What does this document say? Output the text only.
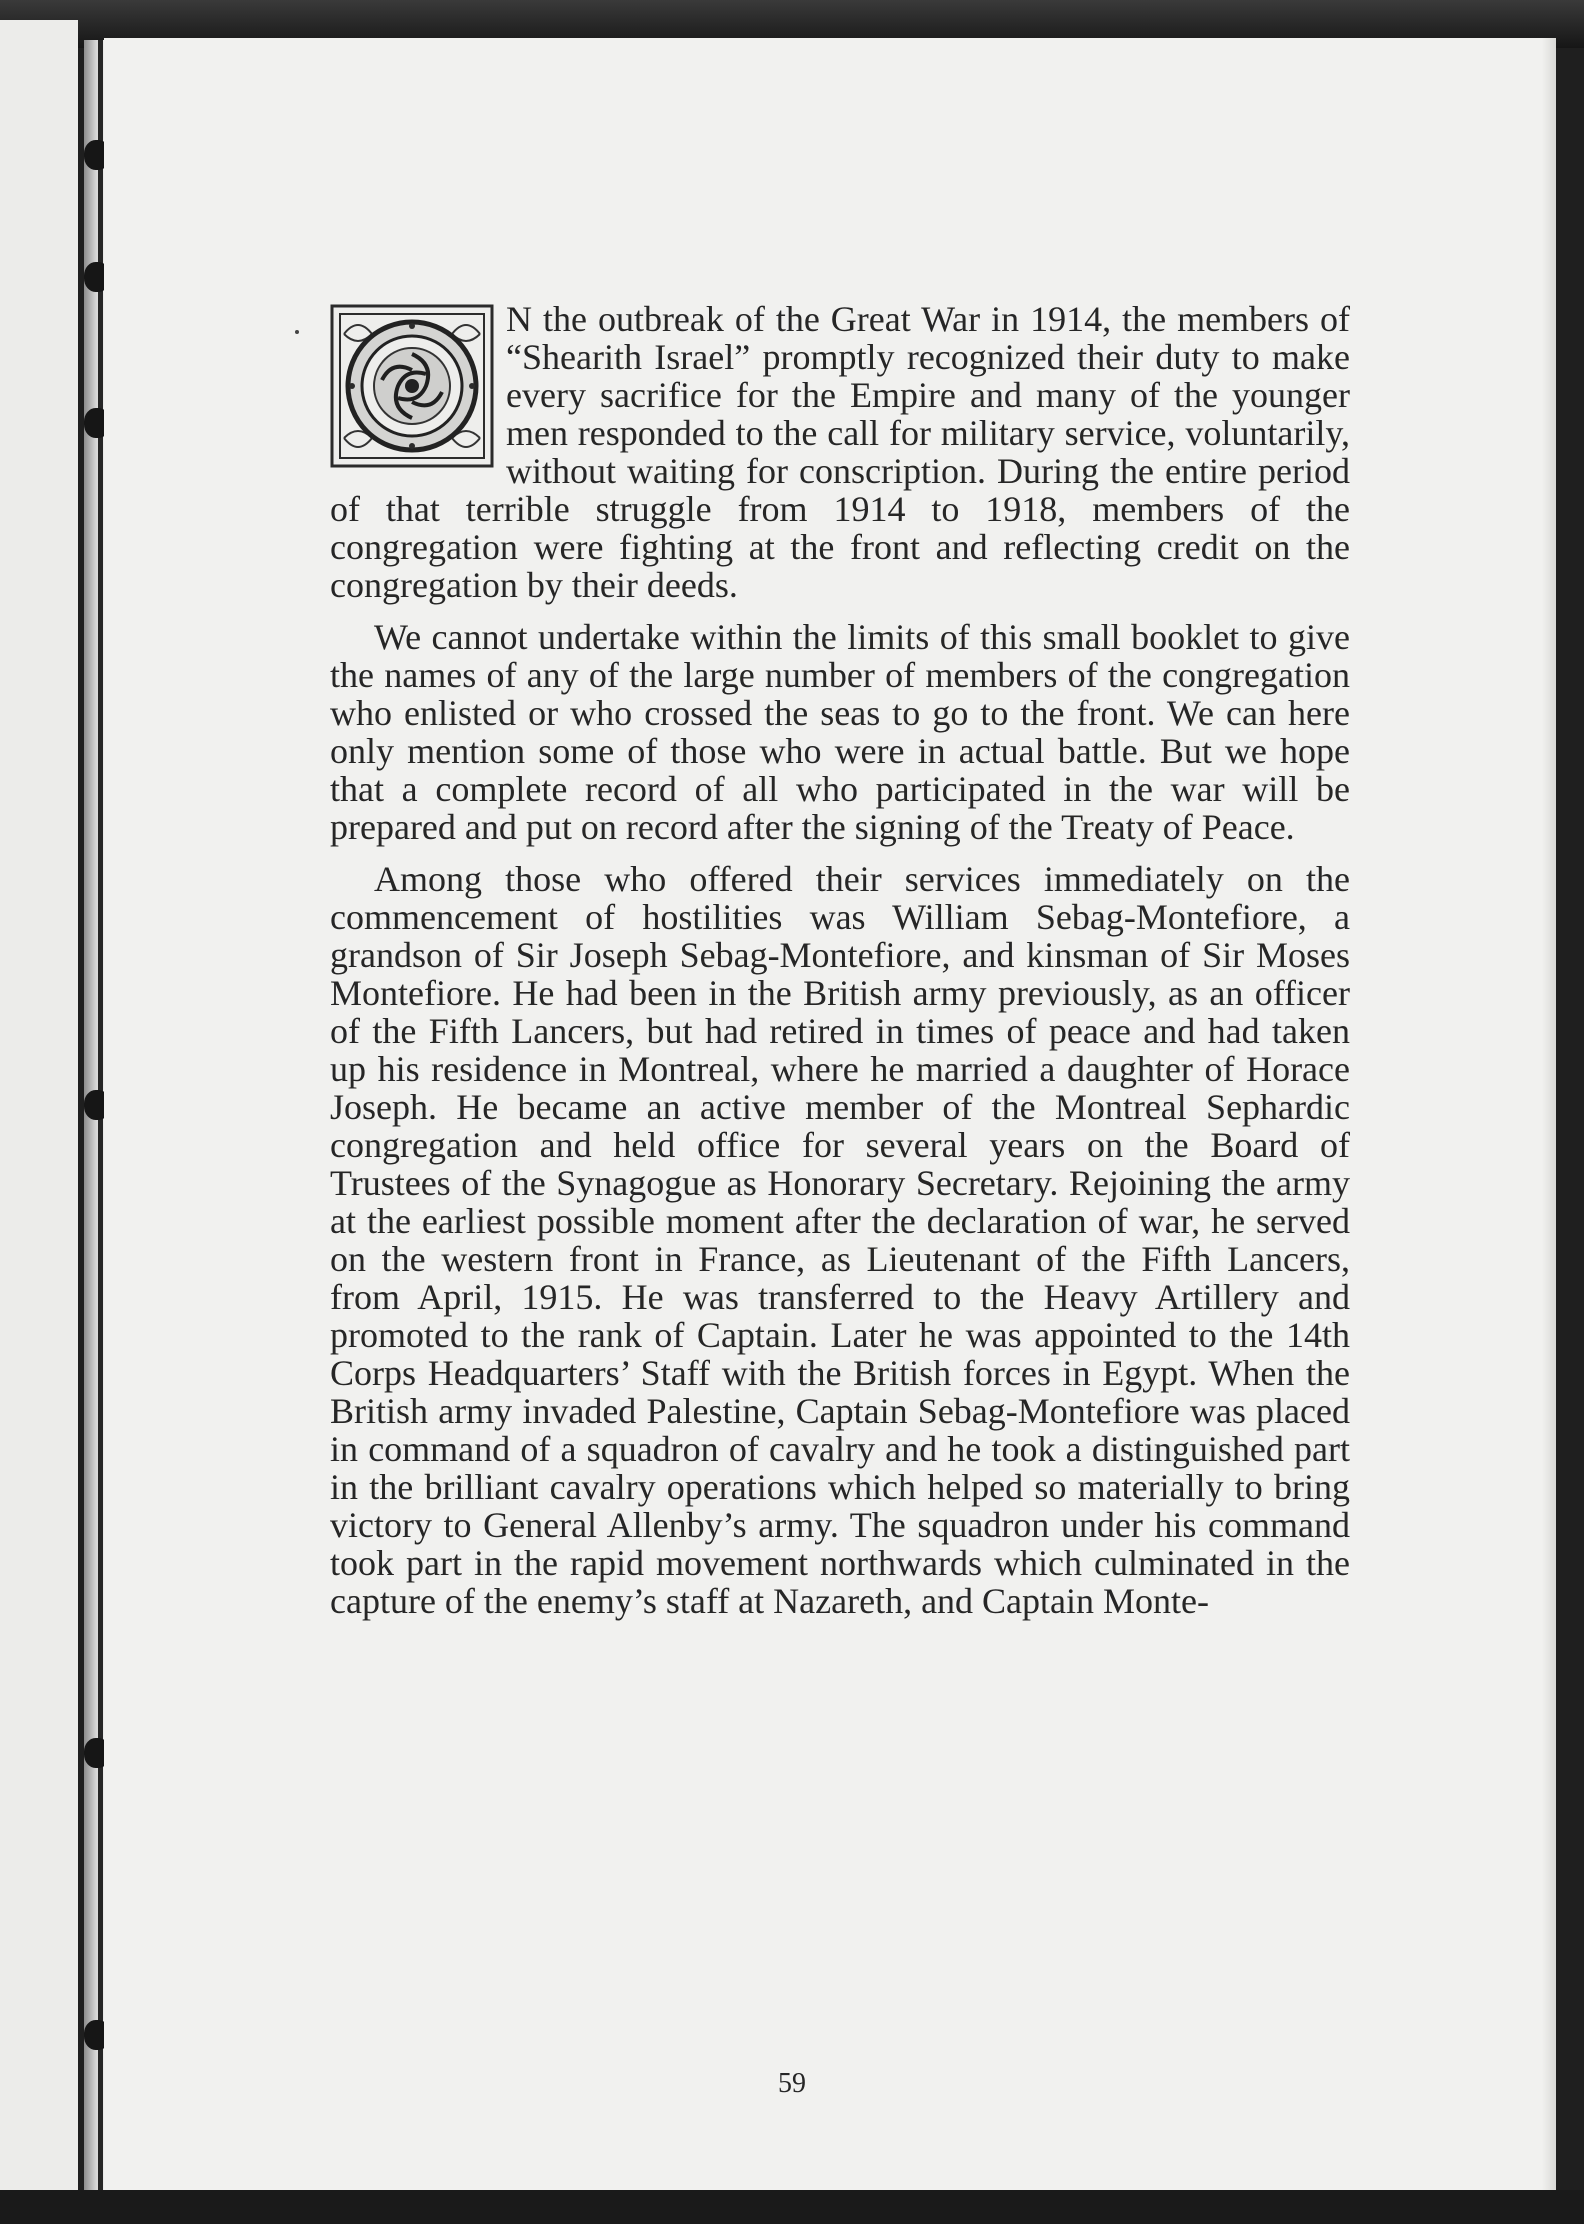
N the outbreak of the Great War in 1914, the members of “Shearith Israel” promptly recognized their duty to make every sacrifice for the Empire and many of the younger men responded to the call for military service, voluntarily, without waiting for conscription. During the entire period of that terrible struggle from 1914 to 1918, members of the congregation were fighting at the front and reflecting credit on the congregation by their deeds.

We cannot undertake within the limits of this small booklet to give the names of any of the large number of members of the congregation who enlisted or who crossed the seas to go to the front. We can here only mention some of those who were in actual battle. But we hope that a complete record of all who participated in the war will be prepared and put on record after the signing of the Treaty of Peace.

Among those who offered their services immediately on the commencement of hostilities was William Sebag-Montefiore, a grandson of Sir Joseph Sebag-Montefiore, and kinsman of Sir Moses Montefiore. He had been in the British army previously, as an officer of the Fifth Lancers, but had retired in times of peace and had taken up his residence in Montreal, where he married a daughter of Horace Joseph. He became an active member of the Montreal Sephardic congregation and held office for several years on the Board of Trustees of the Synagogue as Honorary Secretary. Rejoining the army at the earliest possible moment after the declaration of war, he served on the western front in France, as Lieutenant of the Fifth Lancers, from April, 1915. He was transferred to the Heavy Artillery and promoted to the rank of Captain. Later he was appointed to the 14th Corps Headquarters’ Staff with the British forces in Egypt. When the British army invaded Palestine, Captain Sebag-Montefiore was placed in command of a squadron of cavalry and he took a distinguished part in the brilliant cavalry operations which helped so materially to bring victory to General Allenby’s army. The squadron under his command took part in the rapid movement northwards which culminated in the capture of the enemy’s staff at Nazareth, and Captain Monte-

59
